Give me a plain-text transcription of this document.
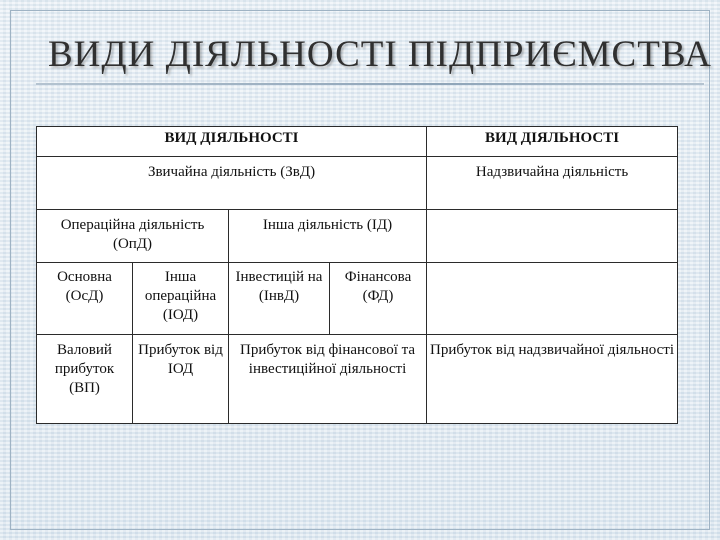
ВИДИ ДІЯЛЬНОСТІ ПІДПРИЄМСТВА
ВИД ДІЯЛЬНОСТІ				ВИД ДІЯЛЬНОСТІ
Звичайна діяльність (ЗвД)				Надзвичайна діяльність
Операційна діяльність (ОпД)		Інша діяльність (ІД)		
Основна (ОсД)	Інша операційна (ІОД)	Інвестицій на (ІнвД)	Фінансова (ФД)	
Валовий прибуток (ВП)	Прибуток від ІОД	Прибуток від фінансової та інвестиційної діяльності		Прибуток від надзвичайної діяльності
